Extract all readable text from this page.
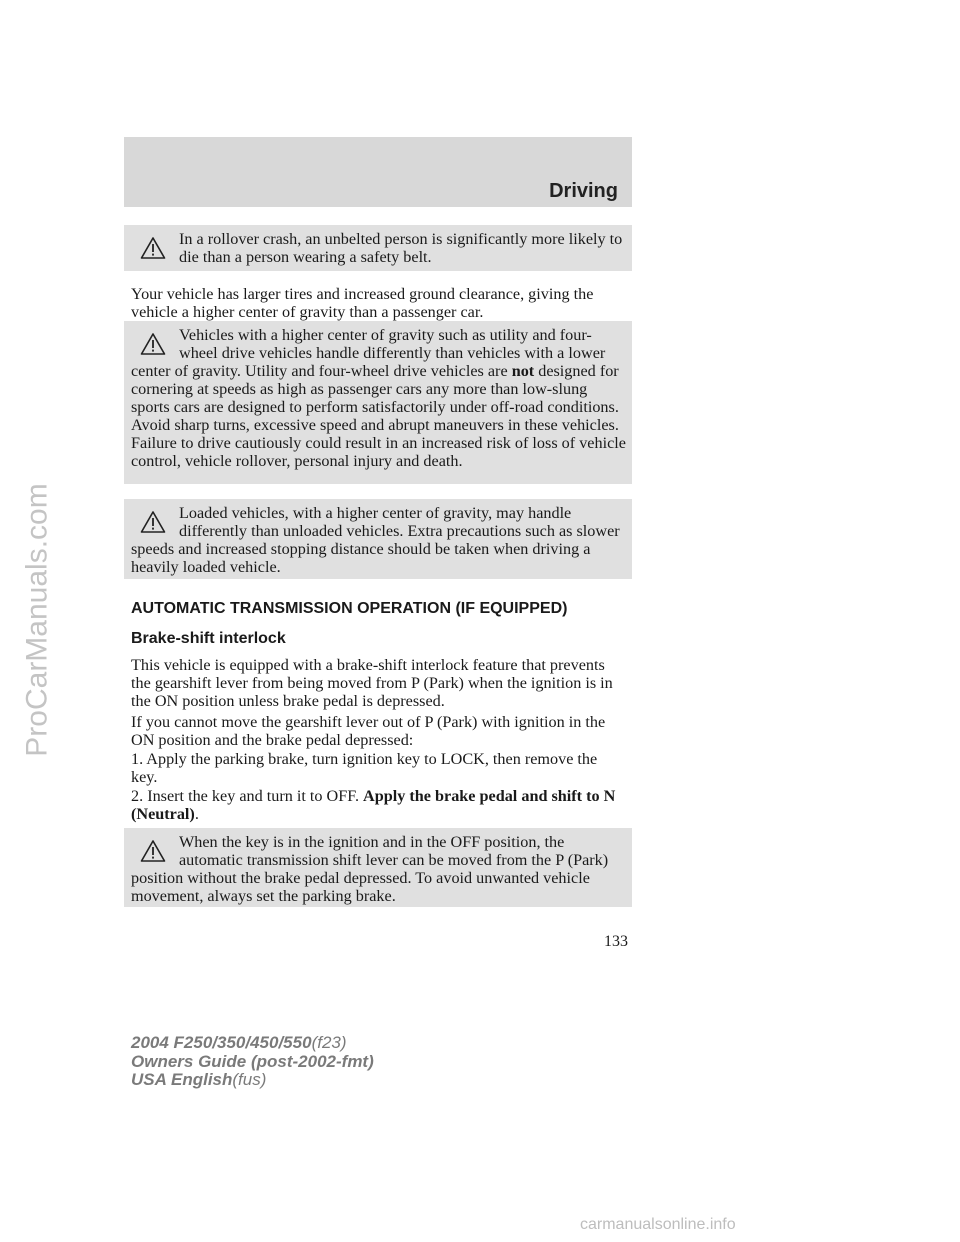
ProCarManuals.com
Driving

In a rollover crash, an unbelted person is significantly more likely to die than a person wearing a safety belt.

Your vehicle has larger tires and increased ground clearance, giving the vehicle a higher center of gravity than a passenger car.

Vehicles with a higher center of gravity such as utility and four-wheel drive vehicles handle differently than vehicles with a lower center of gravity. Utility and four-wheel drive vehicles are not designed for cornering at speeds as high as passenger cars any more than low-slung sports cars are designed to perform satisfactorily under off-road conditions. Avoid sharp turns, excessive speed and abrupt maneuvers in these vehicles. Failure to drive cautiously could result in an increased risk of loss of vehicle control, vehicle rollover, personal injury and death.

Loaded vehicles, with a higher center of gravity, may handle differently than unloaded vehicles. Extra precautions such as slower speeds and increased stopping distance should be taken when driving a heavily loaded vehicle.

AUTOMATIC TRANSMISSION OPERATION (IF EQUIPPED)
Brake-shift interlock
This vehicle is equipped with a brake-shift interlock feature that prevents the gearshift lever from being moved from P (Park) when the ignition is in the ON position unless brake pedal is depressed.
If you cannot move the gearshift lever out of P (Park) with ignition in the ON position and the brake pedal depressed:
1. Apply the parking brake, turn ignition key to LOCK, then remove the key.
2. Insert the key and turn it to OFF. Apply the brake pedal and shift to N (Neutral).

When the key is in the ignition and in the OFF position, the automatic transmission shift lever can be moved from the P (Park) position without the brake pedal depressed. To avoid unwanted vehicle movement, always set the parking brake.

133
2004 F250/350/450/550(f23)
Owners Guide (post-2002-fmt)
USA English(fus)
carmanualsonline.info
